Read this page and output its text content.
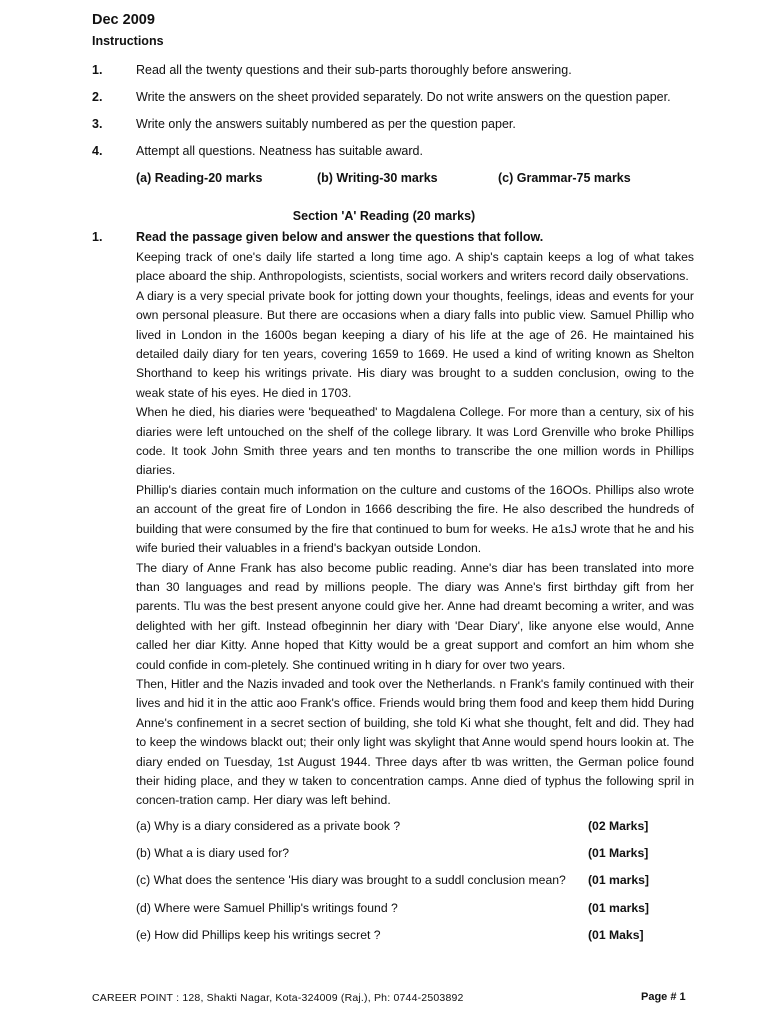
Dec 2009
Instructions
1.	Read all the twenty questions and their sub-parts thoroughly before answering.
2.	Write the answers on the sheet provided separately. Do not write answers on the question paper.
3.	Write only the answers suitably numbered as per the question paper.
4.	Attempt all questions. Neatness has suitable award.
(a) Reading-20 marks	(b) Writing-30 marks	(c) Grammar-75 marks
Section 'A' Reading (20 marks)
1.	Read the passage given below and answer the questions that follow.

Keeping track of one's daily life started a long time ago. A ship's captain keeps a log of what takes place aboard the ship. Anthropologists, scientists, social workers and writers record daily observations.

A diary is a very special private book for jotting down your thoughts, feelings, ideas and events for your own personal pleasure. But there are occasions when a diary falls into public view. Samuel Phillip who lived in London in the 1600s began keeping a diary of his life at the age of 26. He maintained his detailed daily diary for ten years, covering 1659 to 1669. He used a kind of writing known as Shelton Shorthand to keep his writings private. His diary was brought to a sudden conclusion, owing to the weak state of his eyes. He died in 1703.

When he died, his diaries were 'bequeathed' to Magdalena College. For more than a century, six of his diaries were left untouched on the shelf of the college library. It was Lord Grenville who broke Phillips code. It took John Smith three years and ten months to transcribe the one million words in Phillips diaries.

Phillip's diaries contain much information on the culture and customs of the 16OOs. Phillips also wrote an account of the great fire of London in 1666 describing the fire. He also described the hundreds of building that were consumed by the fire that continued to bum for weeks. He a1sJ wrote that he and his wife buried their valuables in a friend's backyan outside London.

The diary of Anne Frank has also become public reading. Anne's diar has been translated into more than 30 languages and read by millions people. The diary was Anne's first birthday gift from her parents. Tlu was the best present anyone could give her. Anne had dreamt becoming a writer, and was delighted with her gift. Instead ofbeginnin her diary with 'Dear Diary', like anyone else would, Anne called her diar Kitty. Anne hoped that Kitty would be a great support and comfort an him whom she could confide in com-pletely. She continued writing in h diary for over two years.

Then, Hitler and the Nazis invaded and took over the Netherlands. n Frank's family continued with their lives and hid it in the attic aoo Frank's office. Friends would bring them food and keep them hidd During Anne's confinement in a secret section of building, she told Ki what she thought, felt and did. They had to keep the windows blackt out; their only light was skylight that Anne would spend hours lookin at. The diary ended on Tuesday, 1st August 1944. Three days after tb was written, the German police found their hiding place, and they w taken to concentration camps. Anne died of typhus the following spril in concen-tration camp. Her diary was left behind.

(a) Why is a diary considered as a private book ?	(02 Marks]
(b) What a is diary used for?	(01 Marks]
(c) What does the sentence 'His diary was brought to a suddl conclusion mean? (01 marks]
(d) Where were Samuel Phillip's writings found ?	(01 marks]
(e) How did Phillips keep his writings secret ?	(01 Maks]
CAREER POINT : 128, Shakti Nagar, Kota-324009 (Raj.), Ph: 0744-2503892	Page # 1
